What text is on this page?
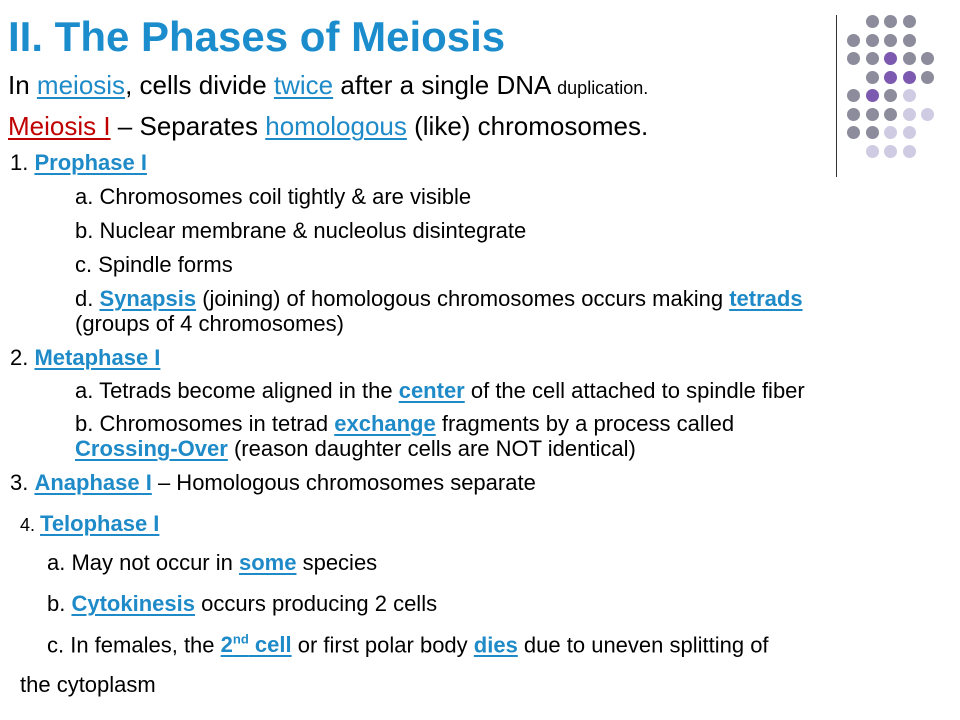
II. The Phases of Meiosis
In meiosis, cells divide twice after a single DNA duplication.
Meiosis I – Separates homologous (like) chromosomes.
1. Prophase I
a. Chromosomes coil tightly & are visible
b. Nuclear membrane & nucleolus disintegrate
c. Spindle forms
d. Synapsis (joining) of homologous chromosomes occurs making tetrads
(groups of 4 chromosomes)
2. Metaphase I
a. Tetrads become aligned in the center of the cell attached to spindle fiber
b. Chromosomes in tetrad exchange fragments by a process called
Crossing-Over (reason daughter cells are NOT identical)
3. Anaphase I – Homologous chromosomes separate
4. Telophase I
a. May not occur in some species
b. Cytokinesis occurs producing 2 cells
c. In females, the 2nd cell or first polar body dies due to uneven splitting of
the cytoplasm
